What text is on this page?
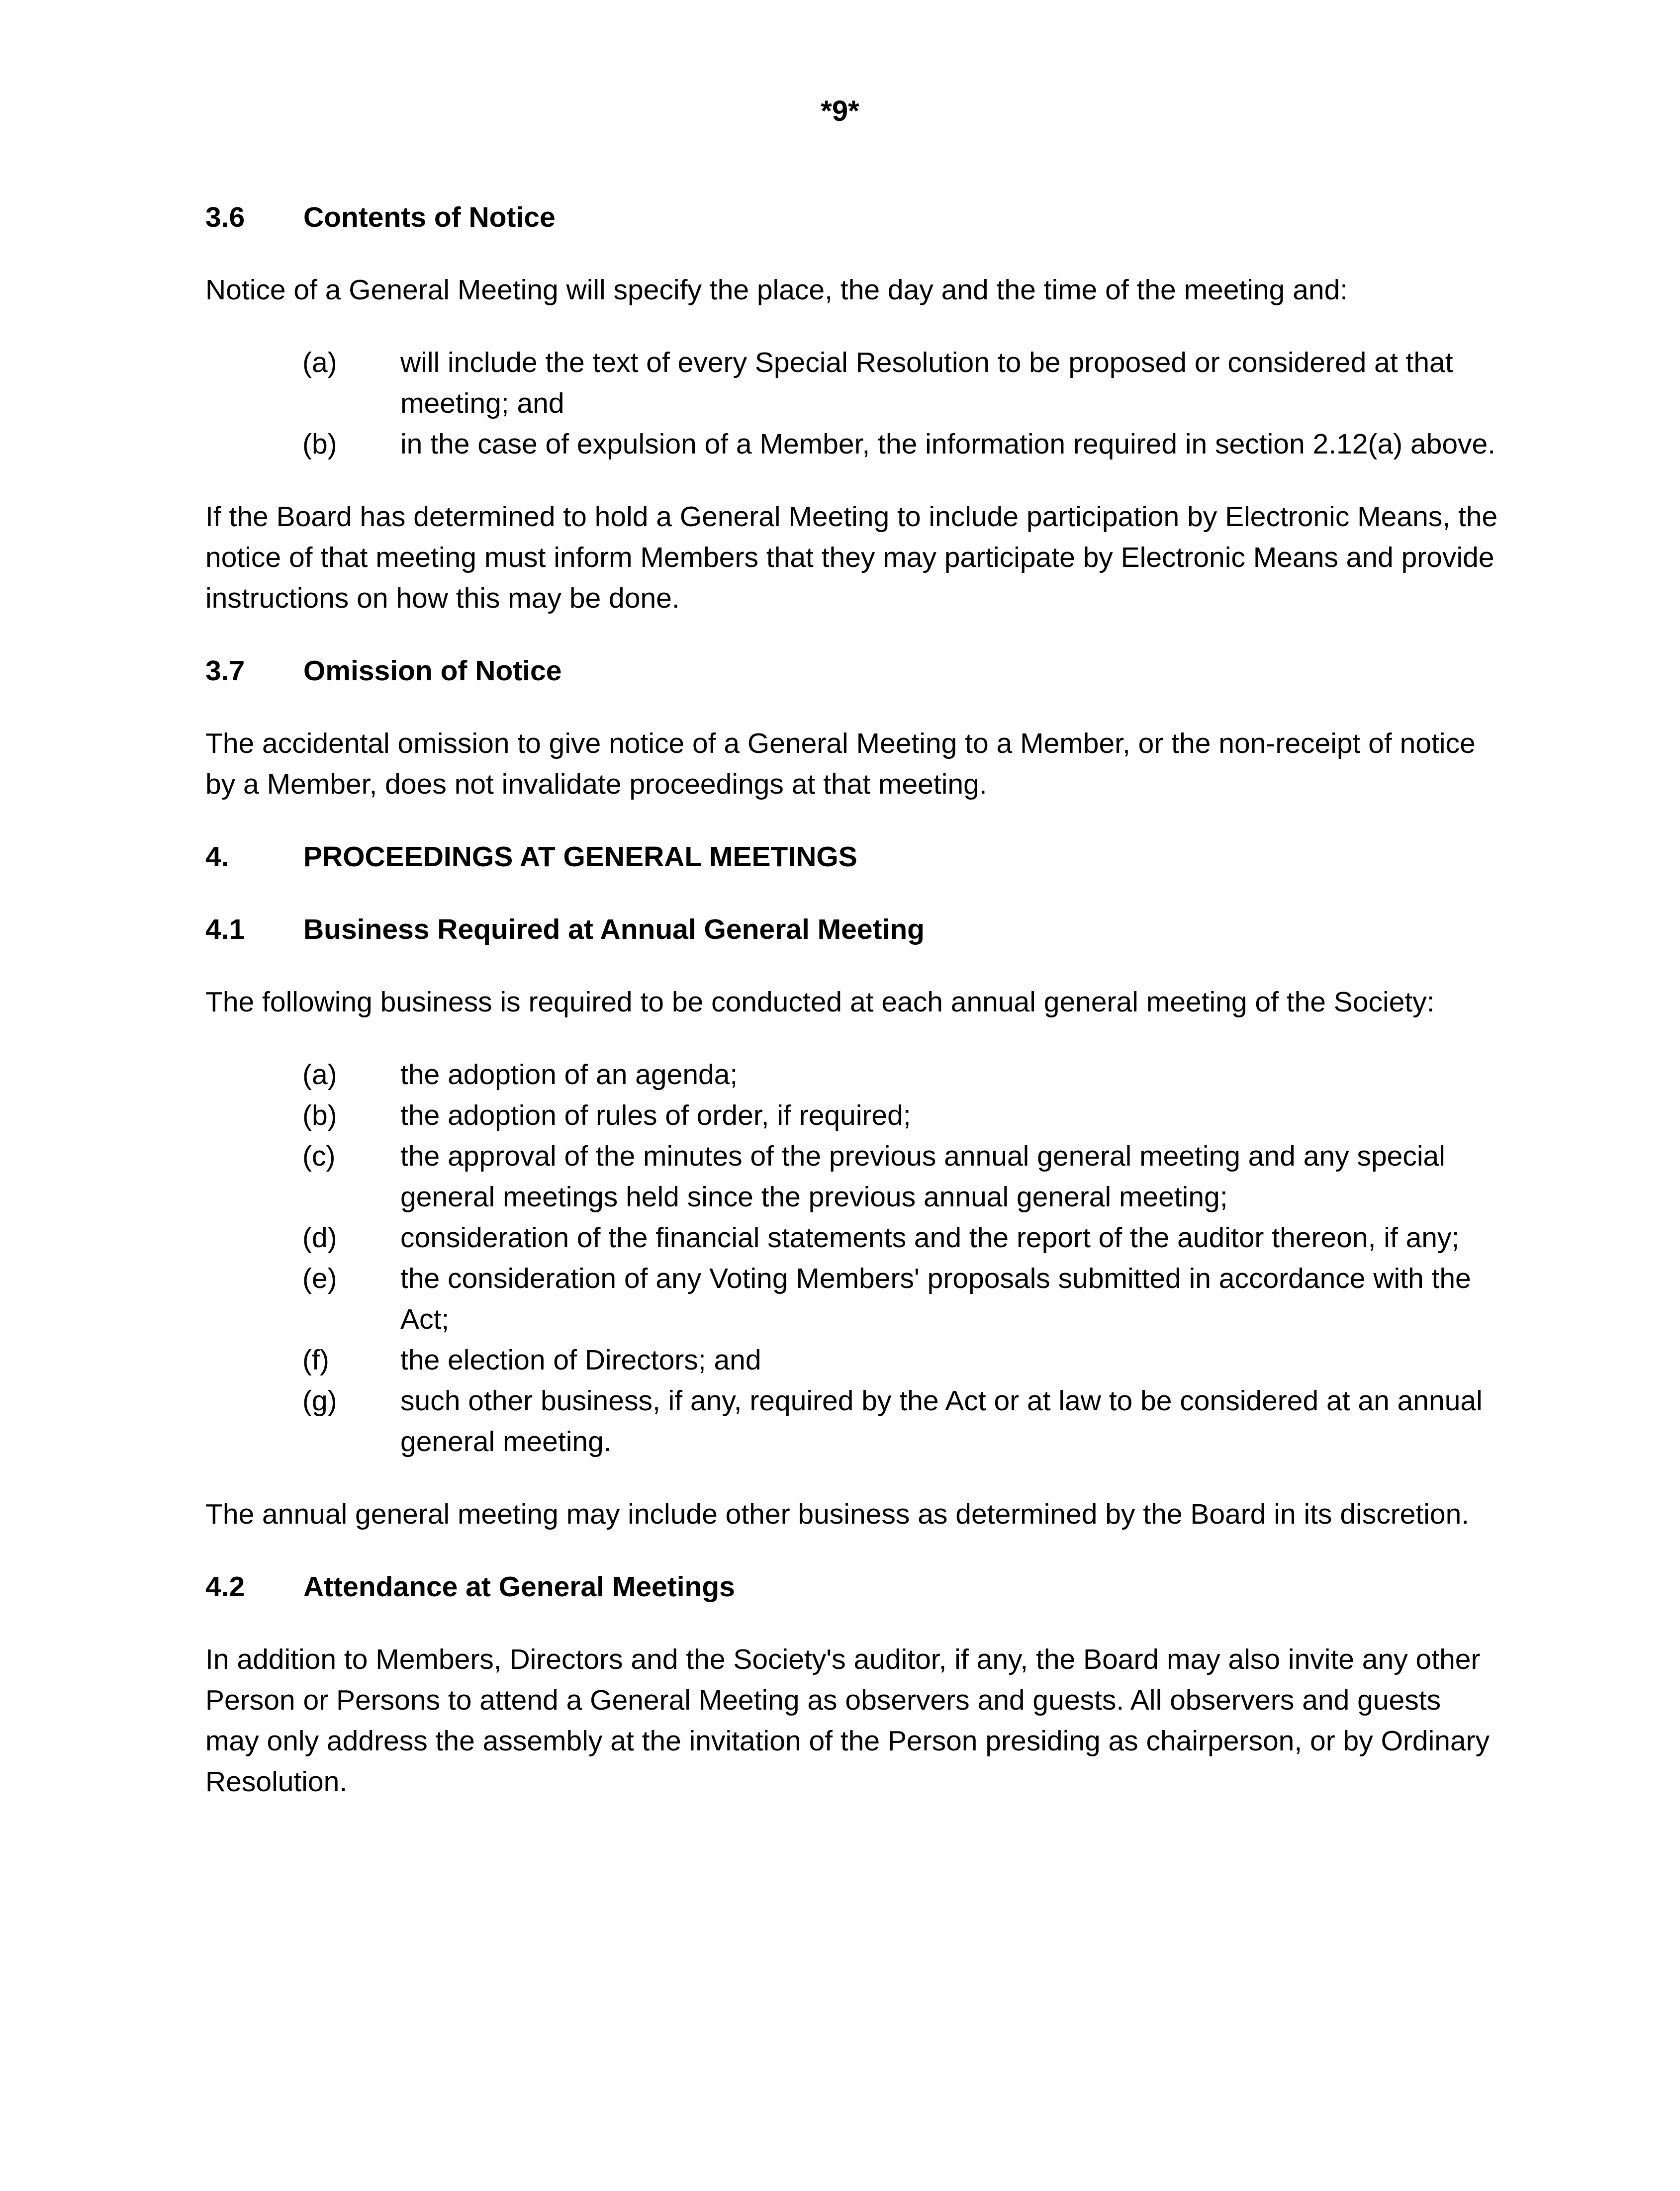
*9*
3.6	Contents of Notice

Notice of a General Meeting will specify the place, the day and the time of the meeting and:

(a)	will include the text of every Special Resolution to be proposed or considered at that meeting; and
(b)	in the case of expulsion of a Member, the information required in section 2.12(a) above.

If the Board has determined to hold a General Meeting to include participation by Electronic Means, the notice of that meeting must inform Members that they may participate by Electronic Means and provide instructions on how this may be done.

3.7	Omission of Notice

The accidental omission to give notice of a General Meeting to a Member, or the non-receipt of notice by a Member, does not invalidate proceedings at that meeting.

4.	PROCEEDINGS AT GENERAL MEETINGS
4.1	Business Required at Annual General Meeting

The following business is required to be conducted at each annual general meeting of the Society:

(a)	the adoption of an agenda;
(b)	the adoption of rules of order, if required;
(c)	the approval of the minutes of the previous annual general meeting and any special general meetings held since the previous annual general meeting;
(d)	consideration of the financial statements and the report of the auditor thereon, if any;
(e)	the consideration of any Voting Members' proposals submitted in accordance with the Act;
(f)	the election of Directors; and
(g)	such other business, if any, required by the Act or at law to be considered at an annual general meeting.

The annual general meeting may include other business as determined by the Board in its discretion.

4.2	Attendance at General Meetings

In addition to Members, Directors and the Society's auditor, if any, the Board may also invite any other Person or Persons to attend a General Meeting as observers and guests. All observers and guests may only address the assembly at the invitation of the Person presiding as chairperson, or by Ordinary Resolution.
